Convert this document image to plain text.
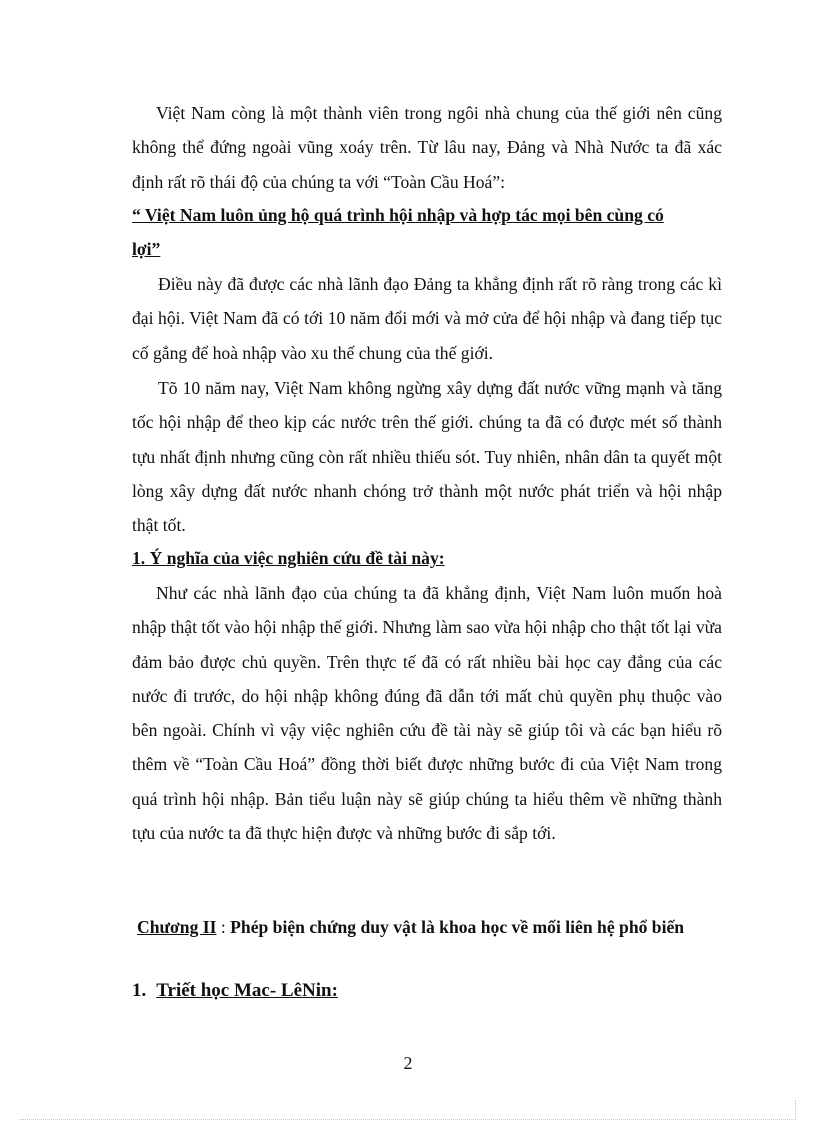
Việt Nam còng là một thành viên trong ngôi nhà chung của thế giới nên cũng không thể đứng ngoài vũng xoáy trên. Từ lâu nay, Đảng và Nhà Nước ta đã xác định rất rõ thái độ của chúng ta với “Toàn Cầu Hoá”:
“ Việt Nam luôn ủng hộ quá trình hội nhập và hợp tác mọi bên cùng có
lợi”
Điều này đã được các nhà lãnh đạo Đảng ta khẳng định rất rõ ràng trong các kì đại hội. Việt Nam đã có tới 10 năm đổi mới và mở cửa để hội nhập và đang tiếp tục cố gắng để hoà nhập vào xu thế chung của thế giới.
Tõ 10 năm nay, Việt Nam không ngừng xây dựng đất nước vững mạnh và tăng tốc hội nhập để theo kịp các nước trên thế giới. chúng ta đã có được mét số thành tựu nhất định nhưng cũng còn rất nhiều thiếu sót. Tuy nhiên, nhân dân ta quyết một lòng xây dựng đất nước nhanh chóng trở thành một nước phát triển và hội nhập thật tốt.
1. Ý nghĩa của việc nghiên cứu đề tài này:
Như các nhà lãnh đạo của chúng ta đã khẳng định, Việt Nam luôn muốn hoà nhập thật tốt vào hội nhập thế giới. Nhưng làm sao vừa hội nhập cho thật tốt lại vừa đảm bảo được chủ quyền. Trên thực tế đã có rất nhiều bài học cay đắng của các nước đi trước, do hội nhập không đúng đã dẫn tới mất chủ quyền phụ thuộc vào bên ngoài. Chính vì vậy việc nghiên cứu đề tài này sẽ giúp tôi và các bạn hiểu rõ thêm về “Toàn Cầu Hoá” đồng thời biết được những bước đi của Việt Nam trong quá trình hội nhập. Bản tiểu luận này sẽ giúp chúng ta hiểu thêm về những thành tựu của nước ta đã thực hiện được và những bước đi sắp tới.
Chương II : Phép biện chứng duy vật là khoa học về mối liên hệ phổ biến
1. Triết học Mac- LêNin:
2
